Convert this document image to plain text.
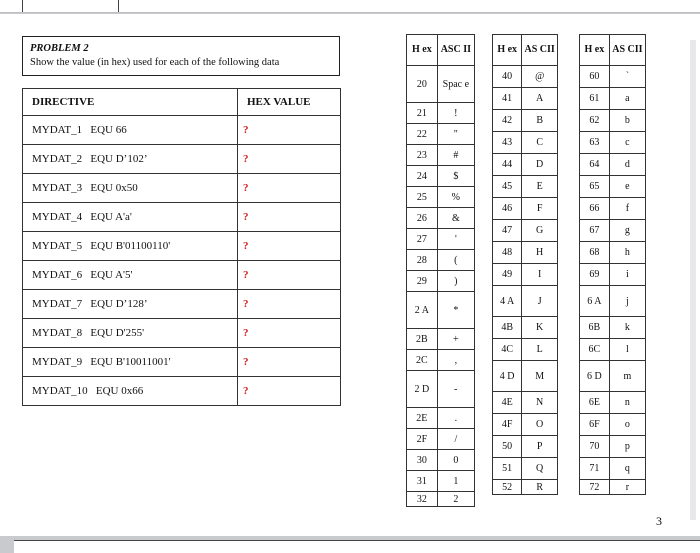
PROBLEM 2
Show the value (in hex) used for each of the following data
DIRECTIVE	HEX VALUE
MYDAT_1   EQU 66	?
MYDAT_2   EQU D’102’	?
MYDAT_3   EQU 0x50	?
MYDAT_4   EQU A'a'	?
MYDAT_5   EQU B'01100110'	?
MYDAT_6   EQU A'5'	?
MYDAT_7   EQU D’128’	?
MYDAT_8   EQU D'255'	?
MYDAT_9   EQU B'10011001'	?
MYDAT_10   EQU 0x66	?
H ex	ASC II
20	Spac e
21	!
22	"
23	#
24	$
25	%
26	&
27	'
28	(
29	)
2 A	*
2B	+
2C	,
2 D	-
2E	.
2F	/
30	0
31	1
32	2
H ex	AS CII
40	@
41	A
42	B
43	C
44	D
45	E
46	F
47	G
48	H
49	I
4 A	J
4B	K
4C	L
4 D	M
4E	N
4F	O
50	P
51	Q
52	R
H ex	AS CII
60	`
61	a
62	b
63	c
64	d
65	e
66	f
67	g
68	h
69	i
6 A	j
6B	k
6C	l
6 D	m
6E	n
6F	o
70	p
71	q
72	r
3
